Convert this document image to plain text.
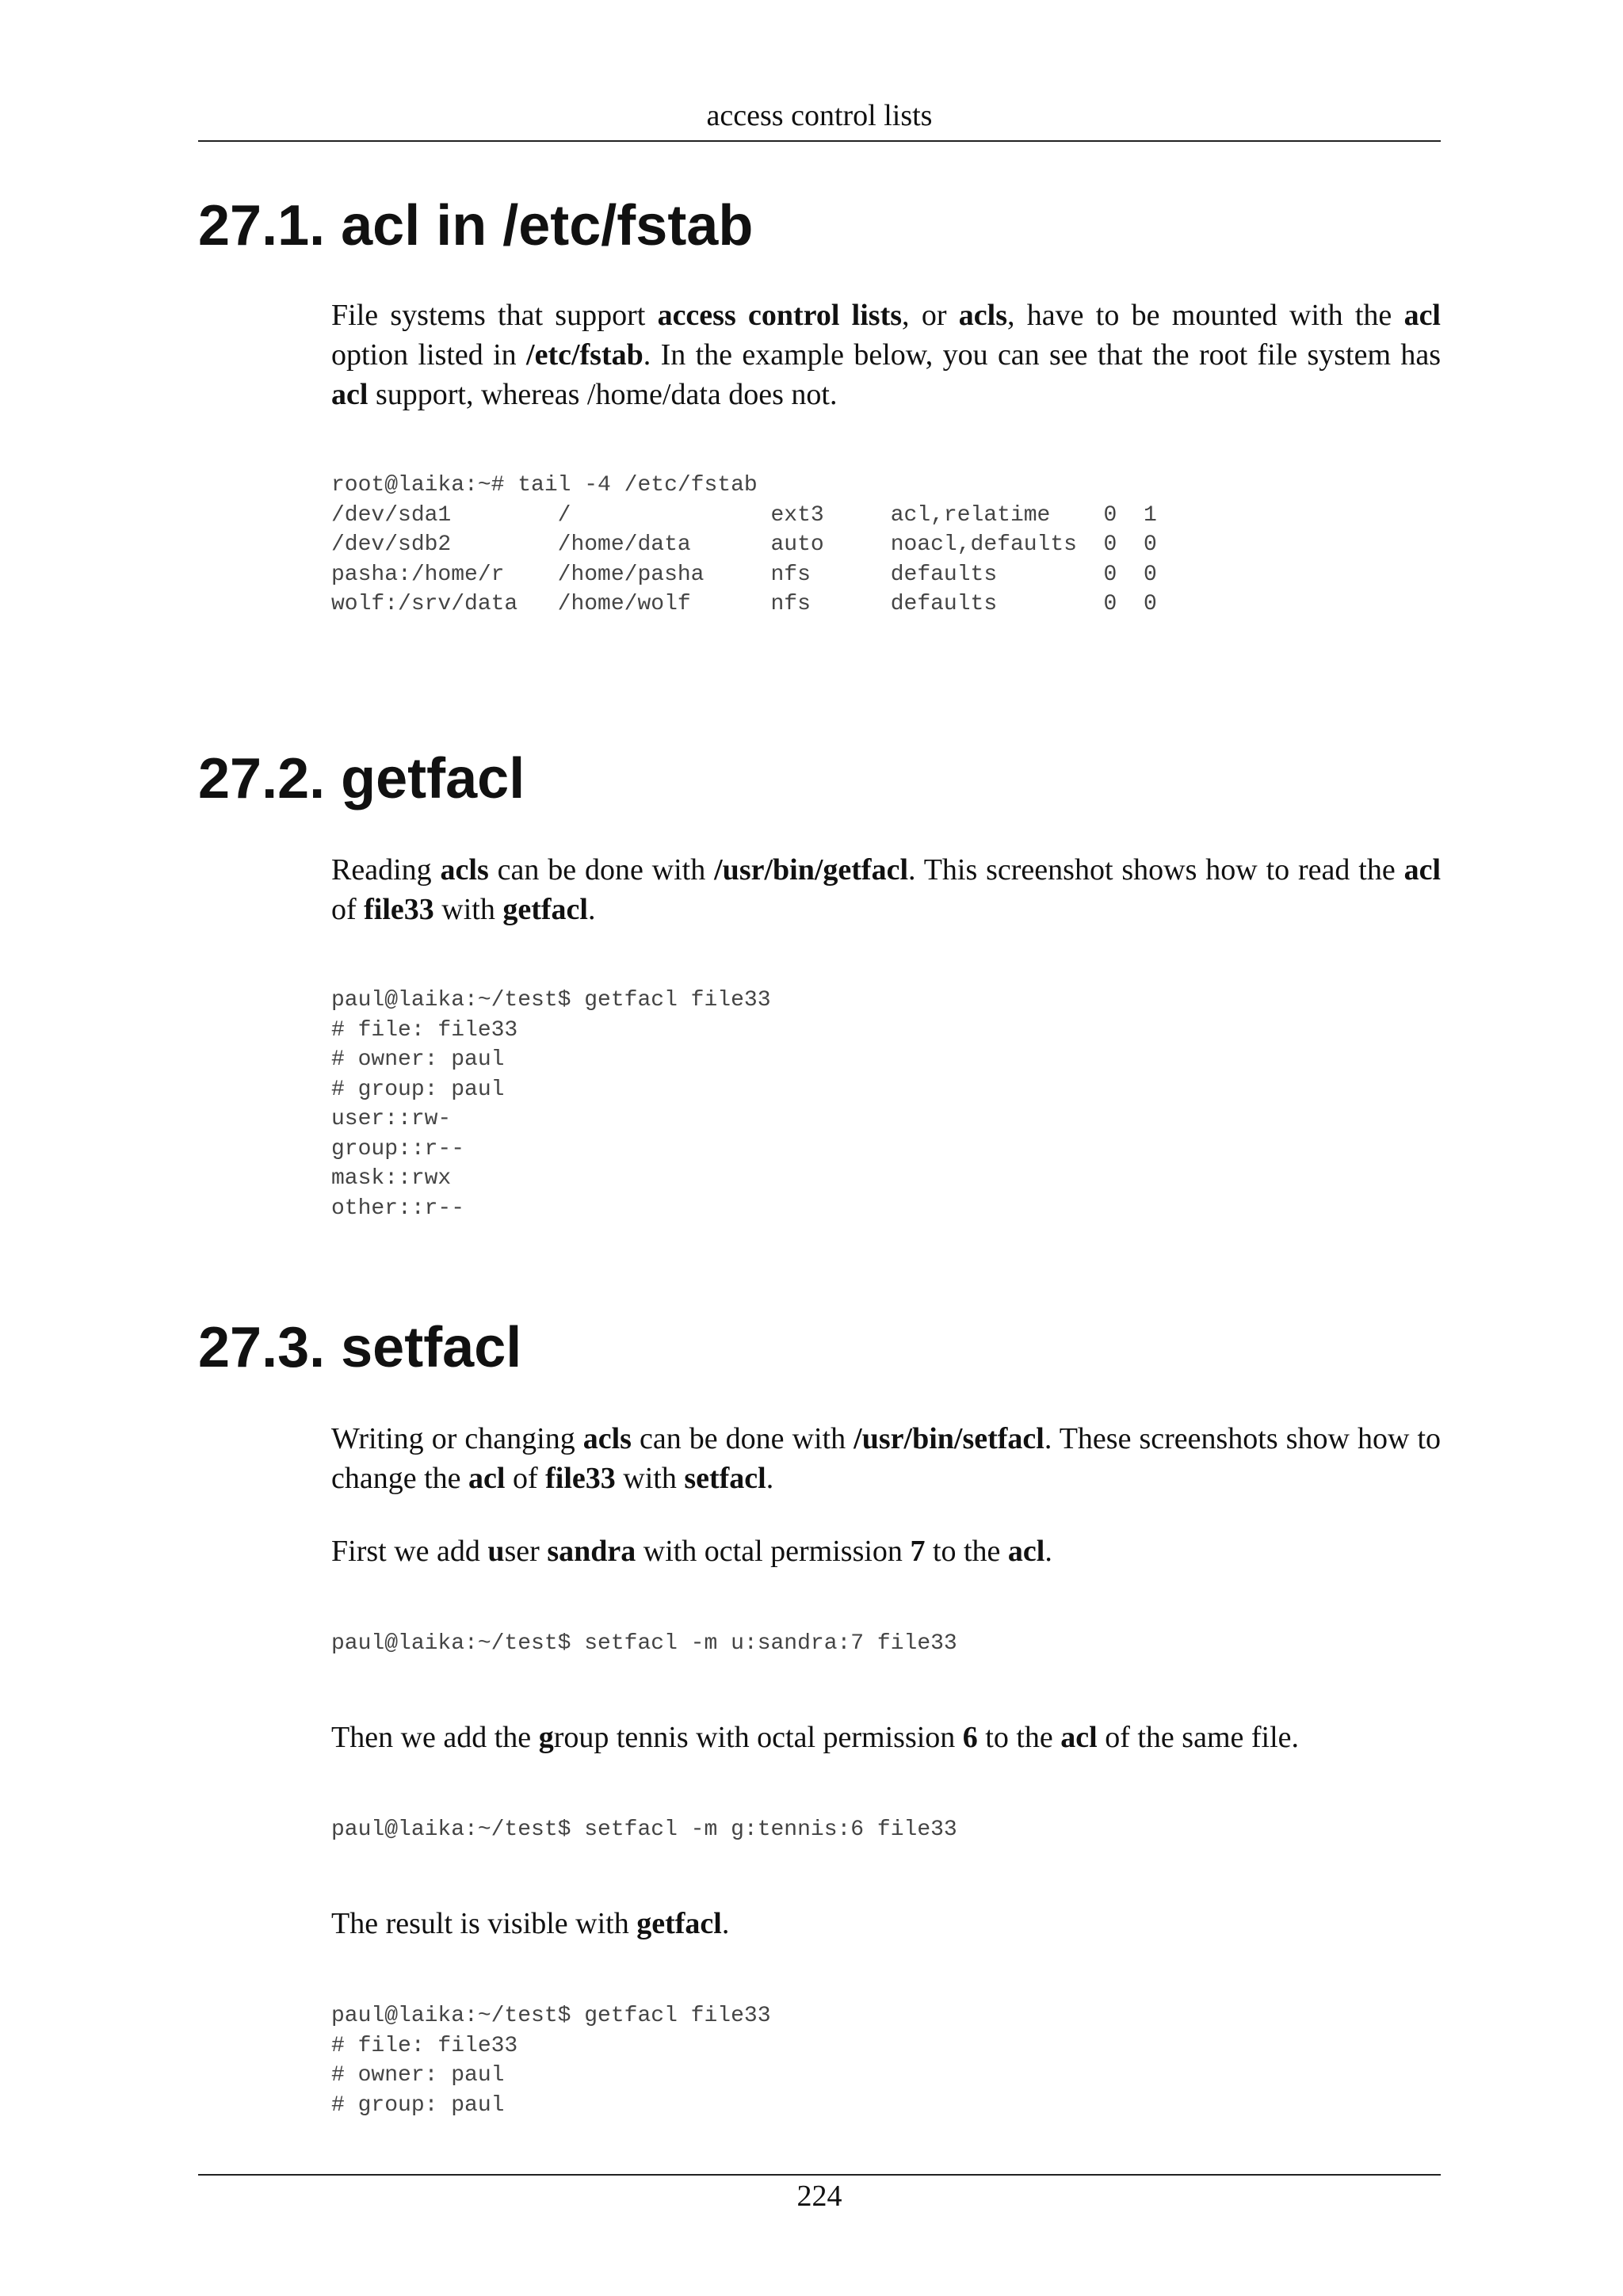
access control lists
27.1. acl in /etc/fstab

File systems that support access control lists, or acls, have to be mounted with the acl option listed in /etc/fstab. In the example below, you can see that the root file system has acl support, whereas /home/data does not.

root@laika:~# tail -4 /etc/fstab
/dev/sda1        /               ext3     acl,relatime    0  1
/dev/sdb2        /home/data      auto     noacl,defaults  0  0
pasha:/home/r    /home/pasha     nfs      defaults        0  0
wolf:/srv/data   /home/wolf      nfs      defaults        0  0
27.2. getfacl

Reading acls can be done with /usr/bin/getfacl. This screenshot shows how to read the acl of file33 with getfacl.

paul@laika:~/test$ getfacl file33
# file: file33
# owner: paul
# group: paul
user::rw-
group::r--
mask::rwx
other::r--
27.3. setfacl

Writing or changing acls can be done with /usr/bin/setfacl. These screenshots show how to change the acl of file33 with setfacl.

First we add user sandra with octal permission 7 to the acl.

paul@laika:~/test$ setfacl -m u:sandra:7 file33

Then we add the group tennis with octal permission 6 to the acl of the same file.

paul@laika:~/test$ setfacl -m g:tennis:6 file33

The result is visible with getfacl.

paul@laika:~/test$ getfacl file33
# file: file33
# owner: paul
# group: paul
224
